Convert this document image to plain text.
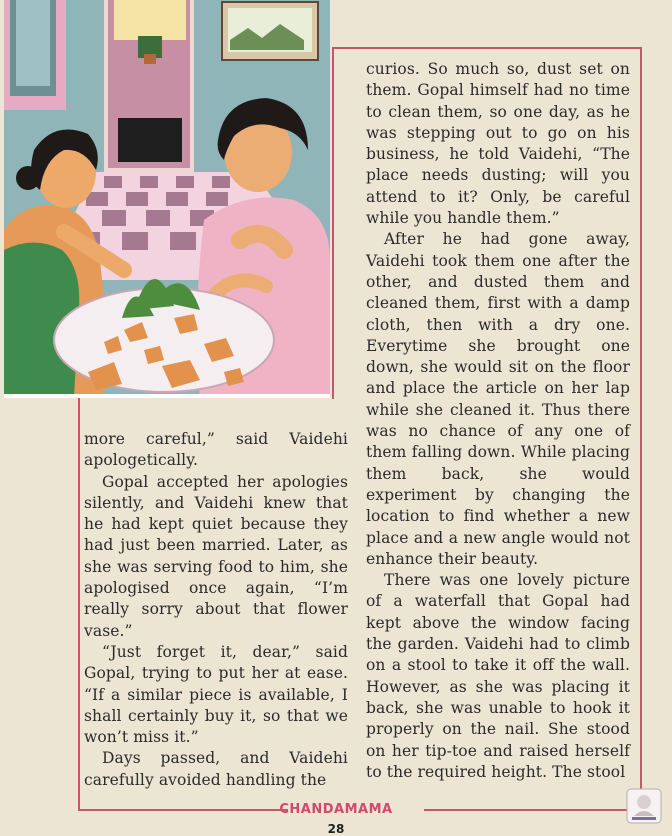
more careful,” said Vaidehi apologetically.

Gopal accepted her apologies silently, and Vaidehi knew that he had kept quiet because they had just been married. Later, as she was serving food to him, she apologised once again, “I’m really sorry about that flower vase.”

“Just forget it, dear,” said Gopal, trying to put her at ease. “If a similar piece is available, I shall certainly buy it, so that we won’t miss it.”

Days passed, and Vaidehi carefully avoided handling the

curios. So much so, dust set on them. Gopal himself had no time to clean them, so one day, as he was stepping out to go on his business, he told Vaidehi, “The place needs dusting; will you attend to it? Only, be careful while you handle them.”

After he had gone away, Vaidehi took them one after the other, and dusted them and cleaned them, first with a damp cloth, then with a dry one. Everytime she brought one down, she would sit on the floor and place the article on her lap while she cleaned it. Thus there was no chance of any one of them falling down. While placing them back, she would experiment by changing the location to find whether a new place and a new angle would not enhance their beauty.

There was one lovely picture of a waterfall that Gopal had kept above the window facing the garden. Vaidehi had to climb on a stool to take it off the wall. However, as she was placing it back, she was unable to hook it properly on the nail. She stood on her tip-toe and raised herself to the required height. The stool

CHANDAMAMA
28
